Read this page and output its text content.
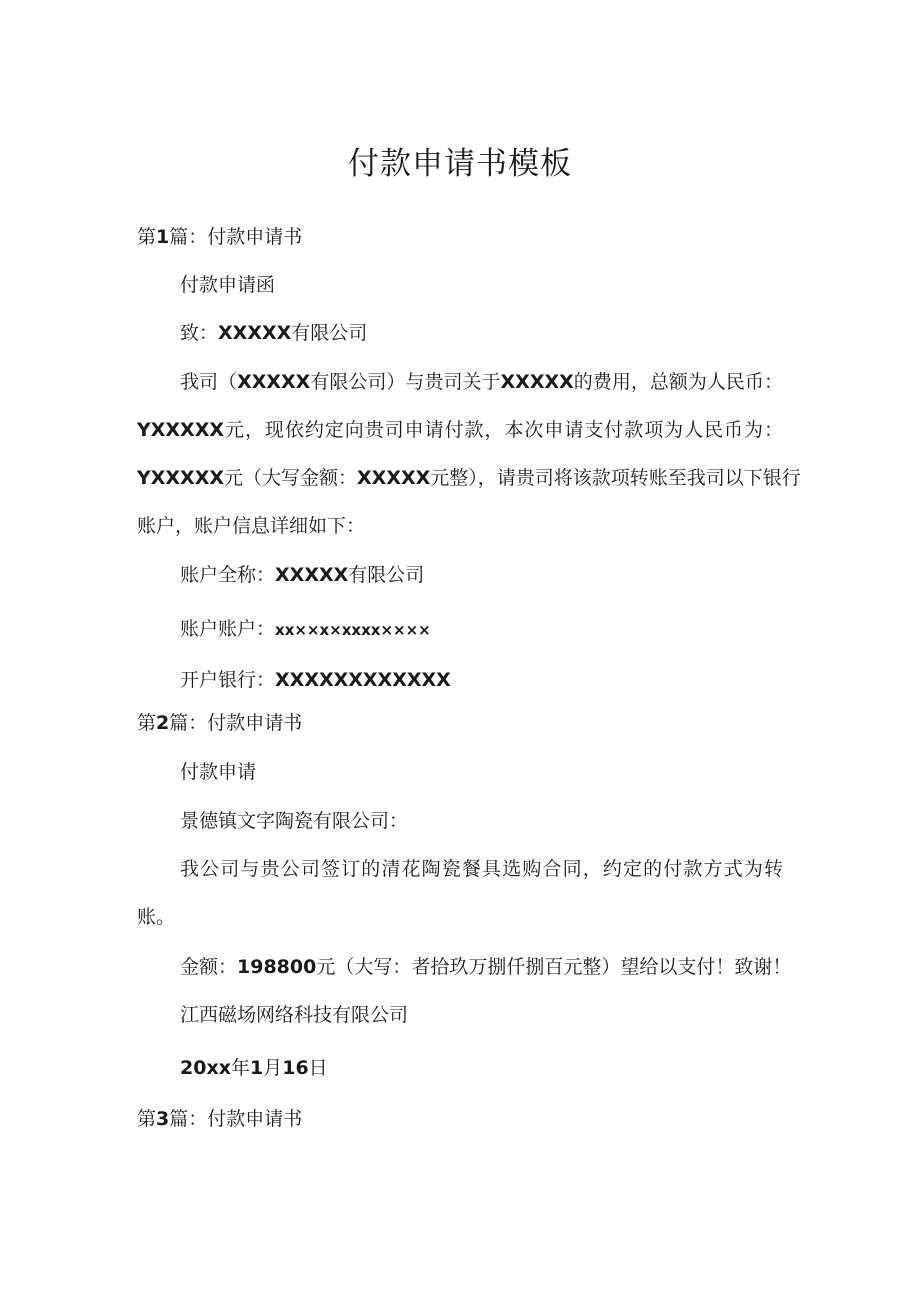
付款申请书模板

第1篇：付款申请书

付款申请函

致：XXXXX有限公司

我司（XXXXX有限公司）与贵司关于XXXXX的费用，总额为人民币：

YXXXXX元，现依约定向贵司申请付款，本次申请支付款项为人民币为：

YXXXXX元（大写金额：XXXXX元整），请贵司将该款项转账至我司以下银行

账户，账户信息详细如下：

账户全称：XXXXX有限公司

账户账户：xx××x×xxxx××××

开户银行：XXXXXXXXXXXX

第2篇：付款申请书

付款申请

景德镇文字陶瓷有限公司：

我公司与贵公司签订的清花陶瓷餐具选购合同，约定的付款方式为转

账。

金额：198800元（大写：者拾玖万捌仟捌百元整）望给以支付！致谢！

江西磁场网络科技有限公司

20xx年1月16日

第3篇：付款申请书
